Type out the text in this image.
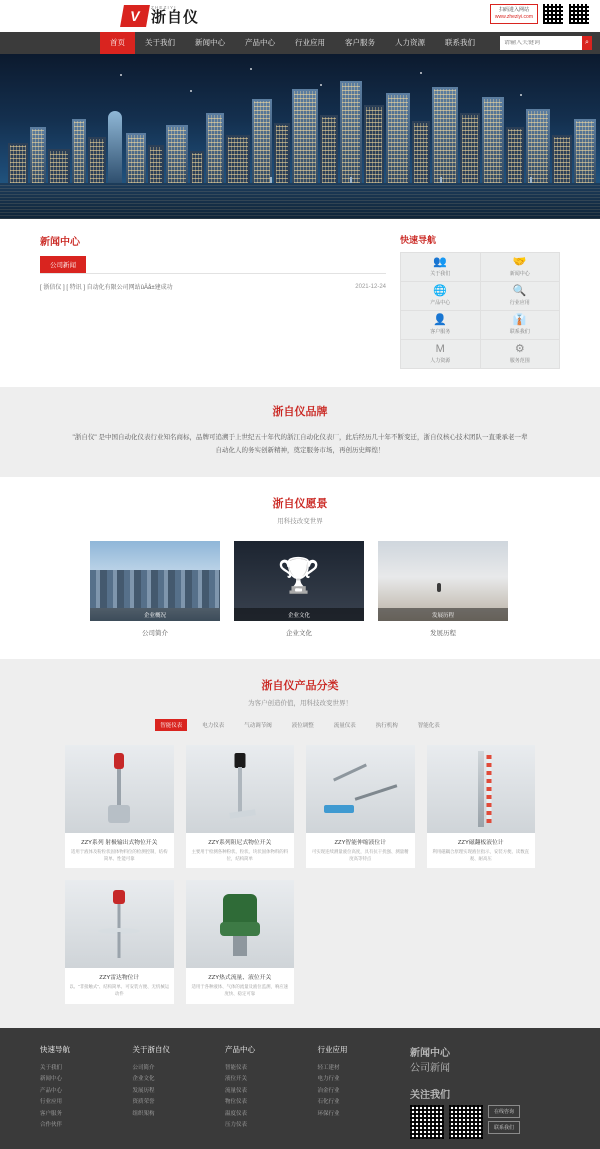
V
ZHEZIYI
浙自仪	扫码进入网站
www.zheziyi.com
首页	关于我们	新闻中心	产品中心	行业应用	客户服务	人力资源	联系我们
请输入关键词	⌕
新闻中心
公司新闻
[ 浙信仪 ] [ 特讯 ] 自动化有限公司网站ûÄå±建成功	2021-12-24
快速导航
👥
关于我们
🤝
新闻中心
🌐
产品中心
🔍
行业应用
👤
客户服务
👔
联系我们
M
人力资源
⚙
服务范围
浙自仪品牌
"浙自仪" 是中国自动化仪表行业知名商标，品牌可追溯于上世纪五十年代的浙江自动化仪表厂，此后经历几十年不断变迁，浙自仪核心技术团队一直秉承老一辈自动化人的务实创新精神，奠定服务市场，再创历史辉煌！
浙自仪愿景
用科技改变世界
企业概况
公司简介
企业文化
🏆
企业文化
发展历程
发展历程
浙自仪产品分类
为客户创造价值，用科技改变世界！
智能仪表	电力仪表	气动调节阀	液位调整	流量仪表	执行机构	智能化表
ZZY系列 射极输出式物位开关
适用于液体及粉粒状固体物料位的检测控制，结构简单、性能可靠
ZZY系列阻尼式物位开关
主要用于检测各种粉状、粒状、块状固体物料的料位，结构简单
ZZY智能伸缩液位计
可实现连续测量液位高度，具有抗干扰强、测量精度高等特点
ZZY磁翻板液位计
利用磁耦合原理实现液位指示，安装方便、读数直观、耐高压
ZZY雷达物位计
以、"非接触式"、结构简单、可安装方便、无机械运动件
ZZY热式流量、液位开关
适用于各种液体、气体的流量及液位监测，响应速度快、稳定可靠
快速导航
关于我们
新闻中心
产品中心
行业应用
客户服务
合作伙伴
关于浙自仪
公司简介
企业文化
发展历程
资质荣誉
组织架构
产品中心
智能仪表
液位开关
流量仪表
物位仪表
温度仪表
压力仪表
行业应用
轻工建材
电力行业
冶金行业
石化行业
环保行业
新闻中心
公司新闻
关注我们
在线咨询
联系我们
